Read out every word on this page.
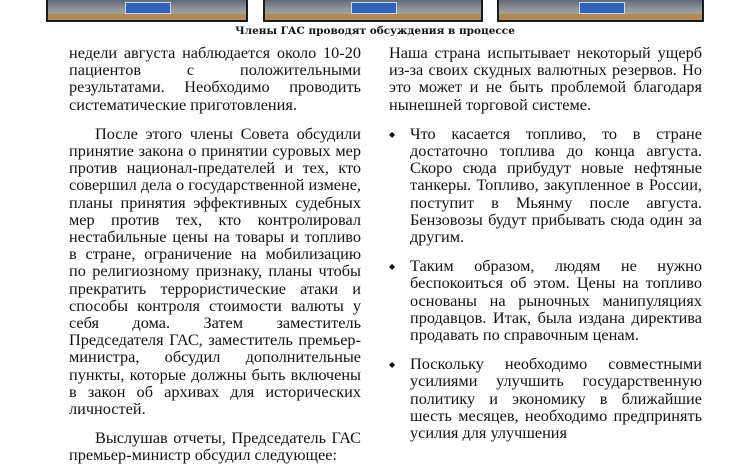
Члены ГАС проводят обсуждения в процессе

недели августа наблюдается около 10-20 пациентов с положительными результатами. Необходимо проводить систематические приготовления.

После этого члены Совета обсудили принятие закона о принятии суровых мер против национал-предателей и тех, кто совершил дела о государственной измене, планы принятия эффективных судебных мер против тех, кто контролировал нестабильные цены на товары и топливо в стране, ограничение на мобилизацию по религиозному признаку, планы чтобы прекратить террористические атаки и способы контроля стоимости валюты у себя дома. Затем заместитель Председателя ГАС, заместитель премьер-министра, обсудил дополнительные пункты, которые должны быть включены в закон об архивах для исторических личностей.

Выслушав отчеты, Председатель ГАС премьер-министр обсудил следующее:

Наша страна испытывает некоторый ущерб из-за своих скудных валютных резервов. Но это может и не быть проблемой благодаря нынешней торговой системе.

◆ Что касается топливо, то в стране достаточно топлива до конца августа. Скоро сюда прибудут новые нефтяные танкеры. Топливо, закупленное в России, поступит в Мьянму после августа. Бензовозы будут прибывать сюда один за другим.
◆ Таким образом, людям не нужно беспокоиться об этом. Цены на топливо основаны на рыночных манипуляциях продавцов. Итак, была издана директива продавать по справочным ценам.
◆ Поскольку необходимо совместными усилиями улучшить государственную политику и экономику в ближайшие шесть месяцев, необходимо предпринять усилия для улучшения
